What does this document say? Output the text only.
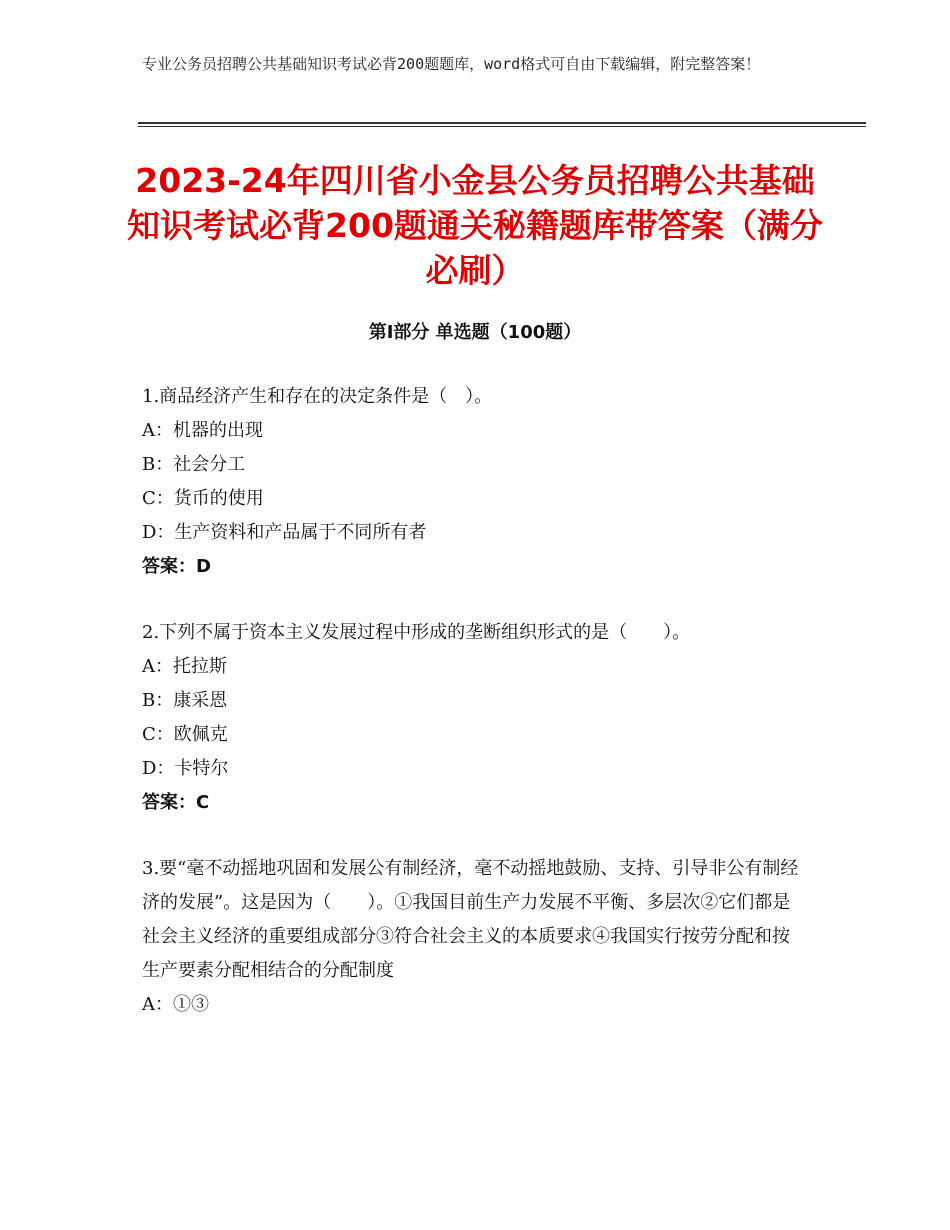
专业公务员招聘公共基础知识考试必背200题题库，word格式可自由下载编辑，附完整答案！
2023-24年四川省小金县公务员招聘公共基础知识考试必背200题通关秘籍题库带答案（满分必刷）
第Ⅰ部分 单选题（100题）
1.商品经济产生和存在的决定条件是（　）。
A：机器的出现
B：社会分工
C：货币的使用
D：生产资料和产品属于不同所有者
答案：D
2.下列不属于资本主义发展过程中形成的垄断组织形式的是（　　）。
A：托拉斯
B：康采恩
C：欧佩克
D：卡特尔
答案：C
3.要“毫不动摇地巩固和发展公有制经济，毫不动摇地鼓励、支持、引导非公有制经济的发展”。这是因为（　　）。①我国目前生产力发展不平衡、多层次②它们都是社会主义经济的重要组成部分③符合社会主义的本质要求④我国实行按劳分配和按生产要素分配相结合的分配制度
A：①③
